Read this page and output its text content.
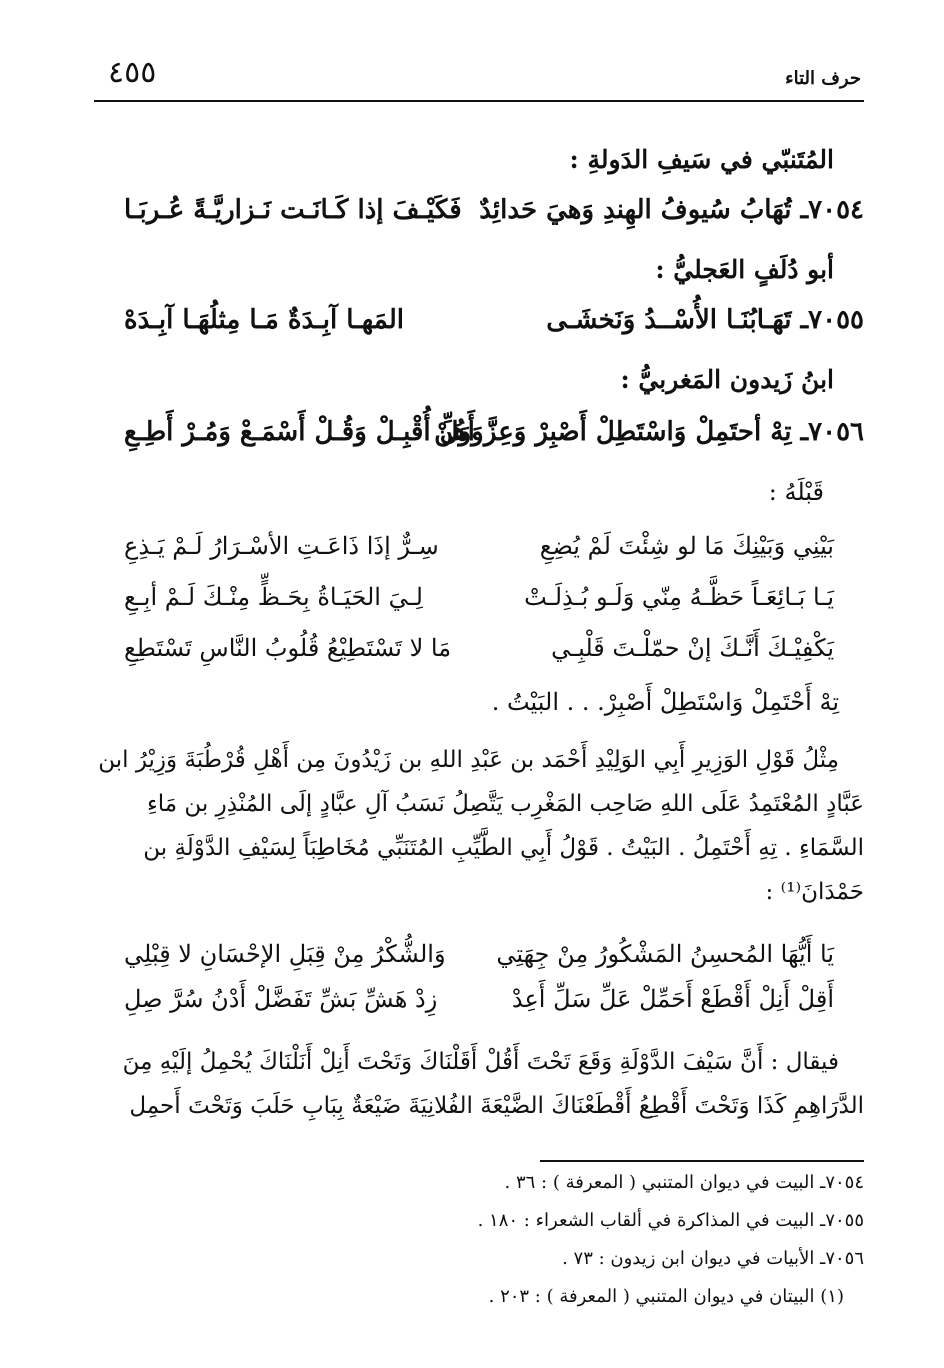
حرف التاء
٤٥٥
المُتَنبّي في سَيفِ الدَولةِ :
٧٠٥٤ـ تُهَابُ سُيوفُ الهِندِ وَهيَ حَدائِدٌ
فَكَيْـفَ إذا كَـانَـت نَـزاريَّـةً عُـربَـا
أبو دُلَفٍ العَجليُّ :
٧٠٥٥ـ تَهَـابُنَـا الأُسْــدُ وَنَخشَـى
المَهـا آبِـدَةٌ مَـا مِثلُهَـا آبِـدَهْ
ابنُ زَيدون المَغربيُّ :
٧٠٥٦ـ تِهْ أحتَمِلْ وَاسْتَطِلْ أَصْبِرْ وَعِزَّ أَهُنْ
وَوَلِّ أُقْبِـلْ وَقُـلْ أَسْمَـعْ وَمُـرْ أَطِـعِ
قَبْلَهُ :
بَيْنِي وَبَيْنِكَ مَا لو شِئْتَ لَمْ يُضِعِ
سِـرٌّ إذَا ذَاعَـتِ الأسْـرَارُ لَـمْ يَـذِعِ
يَـا بَـائِعَـاً حَظَّـهُ مِنّي وَلَـو بُـذِلَـتْ
لِـيَ الحَيَـاةُ بِحَـظٍّ مِنْـكَ لَـمْ أبِـعِ
يَكْفِيْـكَ أَنَّـكَ إنْ حمّلْـتَ قَلْبِـي
مَا لا تَسْتَطِيْعُ قُلُوبُ النَّاسِ تَسْتَطِعِ
تِهْ أَحْتَمِلْ وَاسْتَطِلْ أَصْبِرْ. . . البَيْتُ .
مِثْلُ قَوْلِ الوَزِيرِ أَبِي الوَلِيْدِ أَحْمَد بن عَبْدِ اللهِ بن زَيْدُونَ مِن أَهْلِ قُرْطُبَةَ وَزِيْرُ ابن
عَبَّادٍ المُعْتَمِدُ عَلَى اللهِ صَاحِب المَغْرِب يَتَّصِلُ نَسَبُ آلِ عبَّادٍ إلَى المُنْذِرِ بن مَاءِ
السَّمَاءِ . تِهِ أَحْتَمِلُ . البَيْتُ . قَوْلُ أَبِي الطَّيِّبِ المُتَنَبِّي مُخَاطِبَاً لِسَيْفِ الدَّوْلَةِ بن
حَمْدَانَ⁽¹⁾ :
يَا أَيُّهَا المُحسِنُ المَشْكُورُ مِنْ جِهَتِي
وَالشُّكْرُ مِنْ قِبَلِ الإحْسَانِ لا قِبْلِي
أَقِلْ أَنِلْ أَقْطَعْ أَحَمِّلْ عَلِّ سَلِّ أَعِدْ
زِدْ هَشِّ بَشِّ تَفَضَّلْ أَدْنُ سُرَّ صِلِ
فيقال : أَنَّ سَيْفَ الدَّوْلَةِ وَقَعَ تَحْتَ أَقُلْ أَقَلْنَاكَ وَتَحْتَ أَنِلْ أَنَلْنَاكَ يُحْمِلُ إلَيْهِ مِنَ
الدَّرَاهِمِ كَذَا وَتَحْتَ أَقْطِعُ أَقْطَعْنَاكَ الضَّيْعَةَ الفُلانِيَةَ ضَيْعَةٌ بِبَابِ حَلَبَ وَتَحْتَ أَحمِل
٧٠٥٤ـ البيت في ديوان المتنبي ( المعرفة ) : ٣٦ .
٧٠٥٥ـ البيت في المذاكرة في ألقاب الشعراء : ١٨٠ .
٧٠٥٦ـ الأبيات في ديوان ابن زيدون : ٧٣ .
(١) البيتان في ديوان المتنبي ( المعرفة ) : ٢٠٣ .
